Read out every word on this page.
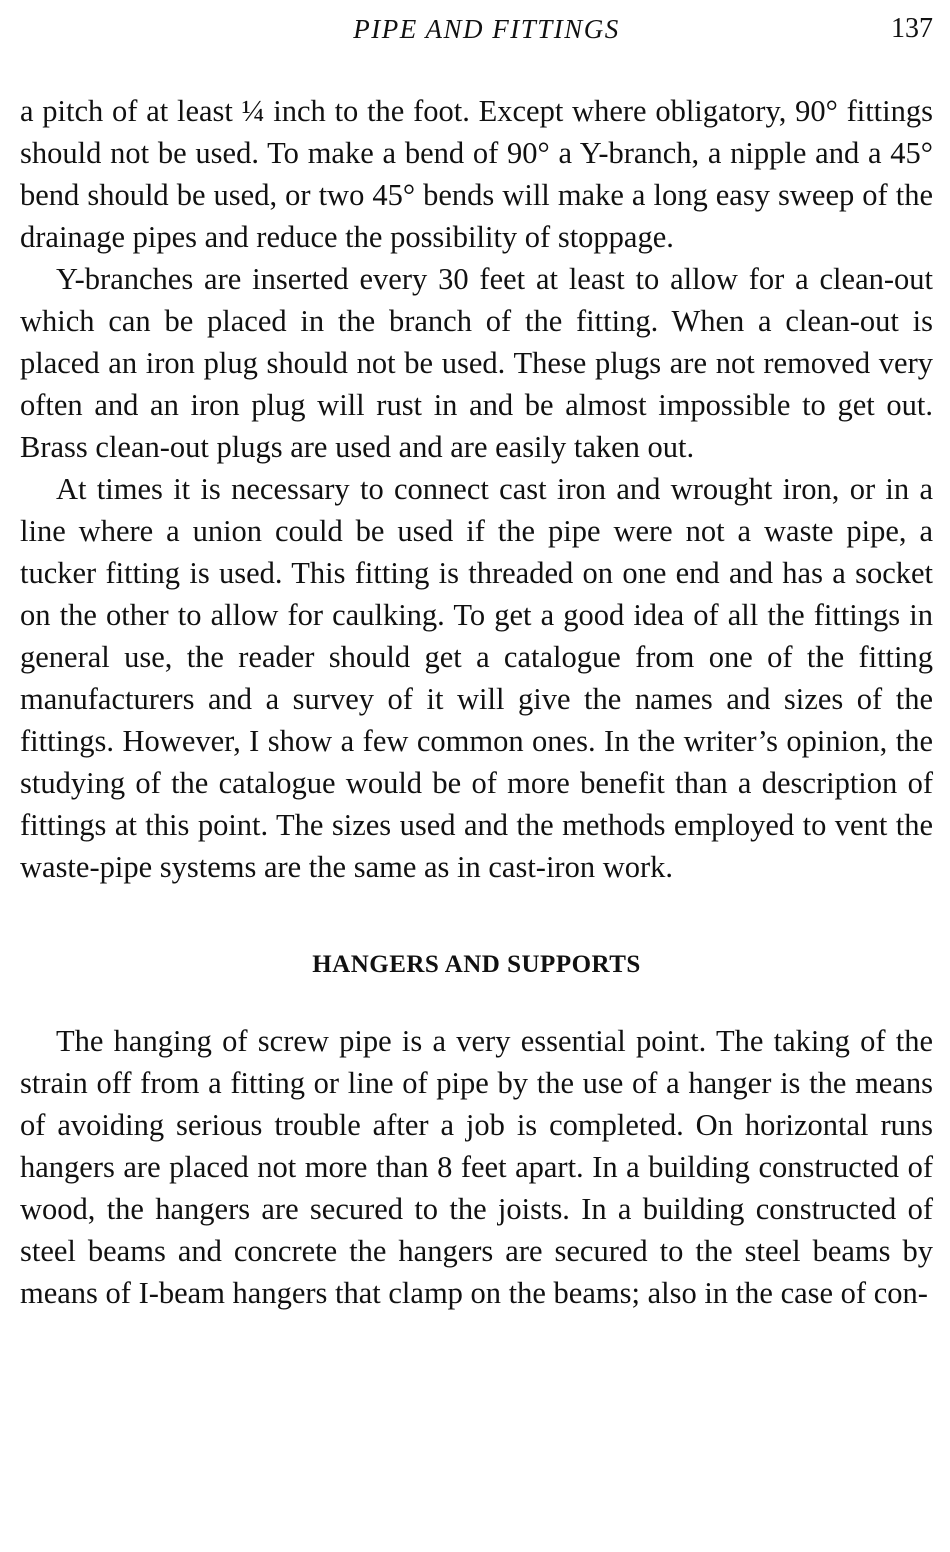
PIPE AND FITTINGS	137

a pitch of at least ¼ inch to the foot. Except where obligatory, 90° fittings should not be used. To make a bend of 90° a Y-branch, a nipple and a 45° bend should be used, or two 45° bends will make a long easy sweep of the drainage pipes and reduce the possibility of stoppage.

Y-branches are inserted every 30 feet at least to allow for a clean-out which can be placed in the branch of the fitting. When a clean-out is placed an iron plug should not be used. These plugs are not removed very often and an iron plug will rust in and be almost impossible to get out. Brass clean-out plugs are used and are easily taken out.

At times it is necessary to connect cast iron and wrought iron, or in a line where a union could be used if the pipe were not a waste pipe, a tucker fitting is used. This fitting is threaded on one end and has a socket on the other to allow for caulking. To get a good idea of all the fittings in general use, the reader should get a catalogue from one of the fitting manufacturers and a survey of it will give the names and sizes of the fittings. However, I show a few common ones. In the writer’s opinion, the studying of the catalogue would be of more benefit than a description of fittings at this point. The sizes used and the methods employed to vent the waste-pipe systems are the same as in cast-iron work.

HANGERS AND SUPPORTS

The hanging of screw pipe is a very essential point. The taking of the strain off from a fitting or line of pipe by the use of a hanger is the means of avoiding serious trouble after a job is completed. On horizontal runs hangers are placed not more than 8 feet apart. In a building constructed of wood, the hangers are secured to the joists. In a building constructed of steel beams and concrete the hangers are secured to the steel beams by means of I-beam hangers that clamp on the beams; also in the case of con-
